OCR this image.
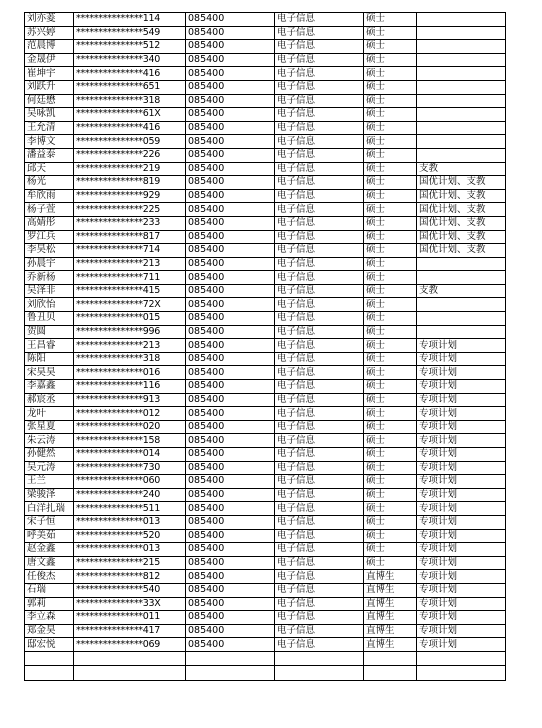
刘亦菱	***************114	085400	电子信息	硕士	
苏兴婷	***************549	085400	电子信息	硕士	
范晨博	***************512	085400	电子信息	硕士	
金晟伊	***************340	085400	电子信息	硕士	
崔坤宇	***************416	085400	电子信息	硕士	
刘跃升	***************651	085400	电子信息	硕士	
何廷懋	***************318	085400	电子信息	硕士	
吴咏凯	***************61X	085400	电子信息	硕士	
王允清	***************416	085400	电子信息	硕士	
李博文	***************059	085400	电子信息	硕士	
潘益泰	***************226	085400	电子信息	硕士	
邱天	***************219	085400	电子信息	硕士	支教
杨光	***************819	085400	电子信息	硕士	国优计划、支教
牟欣雨	***************929	085400	电子信息	硕士	国优计划、支教
杨子萱	***************225	085400	电子信息	硕士	国优计划、支教
高婧彤	***************233	085400	电子信息	硕士	国优计划、支教
罗江兵	***************817	085400	电子信息	硕士	国优计划、支教
李昊松	***************714	085400	电子信息	硕士	国优计划、支教
孙晨宇	***************213	085400	电子信息	硕士	
乔新杨	***************711	085400	电子信息	硕士	
吴泽非	***************415	085400	电子信息	硕士	支教
刘欣怡	***************72X	085400	电子信息	硕士	
鲁丑贝	***************015	085400	电子信息	硕士	
贺圆	***************996	085400	电子信息	硕士	
王昌睿	***************213	085400	电子信息	硕士	专项计划
陈阳	***************318	085400	电子信息	硕士	专项计划
宋昊昊	***************016	085400	电子信息	硕士	专项计划
李嘉鑫	***************116	085400	电子信息	硕士	专项计划
郝宸丞	***************913	085400	电子信息	硕士	专项计划
龙叶	***************012	085400	电子信息	硕士	专项计划
张星夏	***************020	085400	电子信息	硕士	专项计划
朱云涛	***************158	085400	电子信息	硕士	专项计划
孙健然	***************014	085400	电子信息	硕士	专项计划
吴元涛	***************730	085400	电子信息	硕士	专项计划
王兰	***************060	085400	电子信息	硕士	专项计划
梁骏泽	***************240	085400	电子信息	硕士	专项计划
白洋扎瑞	***************511	085400	电子信息	硕士	专项计划
宋子恒	***************013	085400	电子信息	硕士	专项计划
呼美茹	***************520	085400	电子信息	硕士	专项计划
赵金鑫	***************013	085400	电子信息	硕士	专项计划
唐文鑫	***************215	085400	电子信息	硕士	专项计划
任俊杰	***************812	085400	电子信息	直博生	专项计划
石瑞	***************540	085400	电子信息	直博生	专项计划
郭莉	***************33X	085400	电子信息	直博生	专项计划
李立森	***************011	085400	电子信息	直博生	专项计划
郑金昊	***************417	085400	电子信息	直博生	专项计划
邸宏悦	***************069	085400	电子信息	直博生	专项计划
